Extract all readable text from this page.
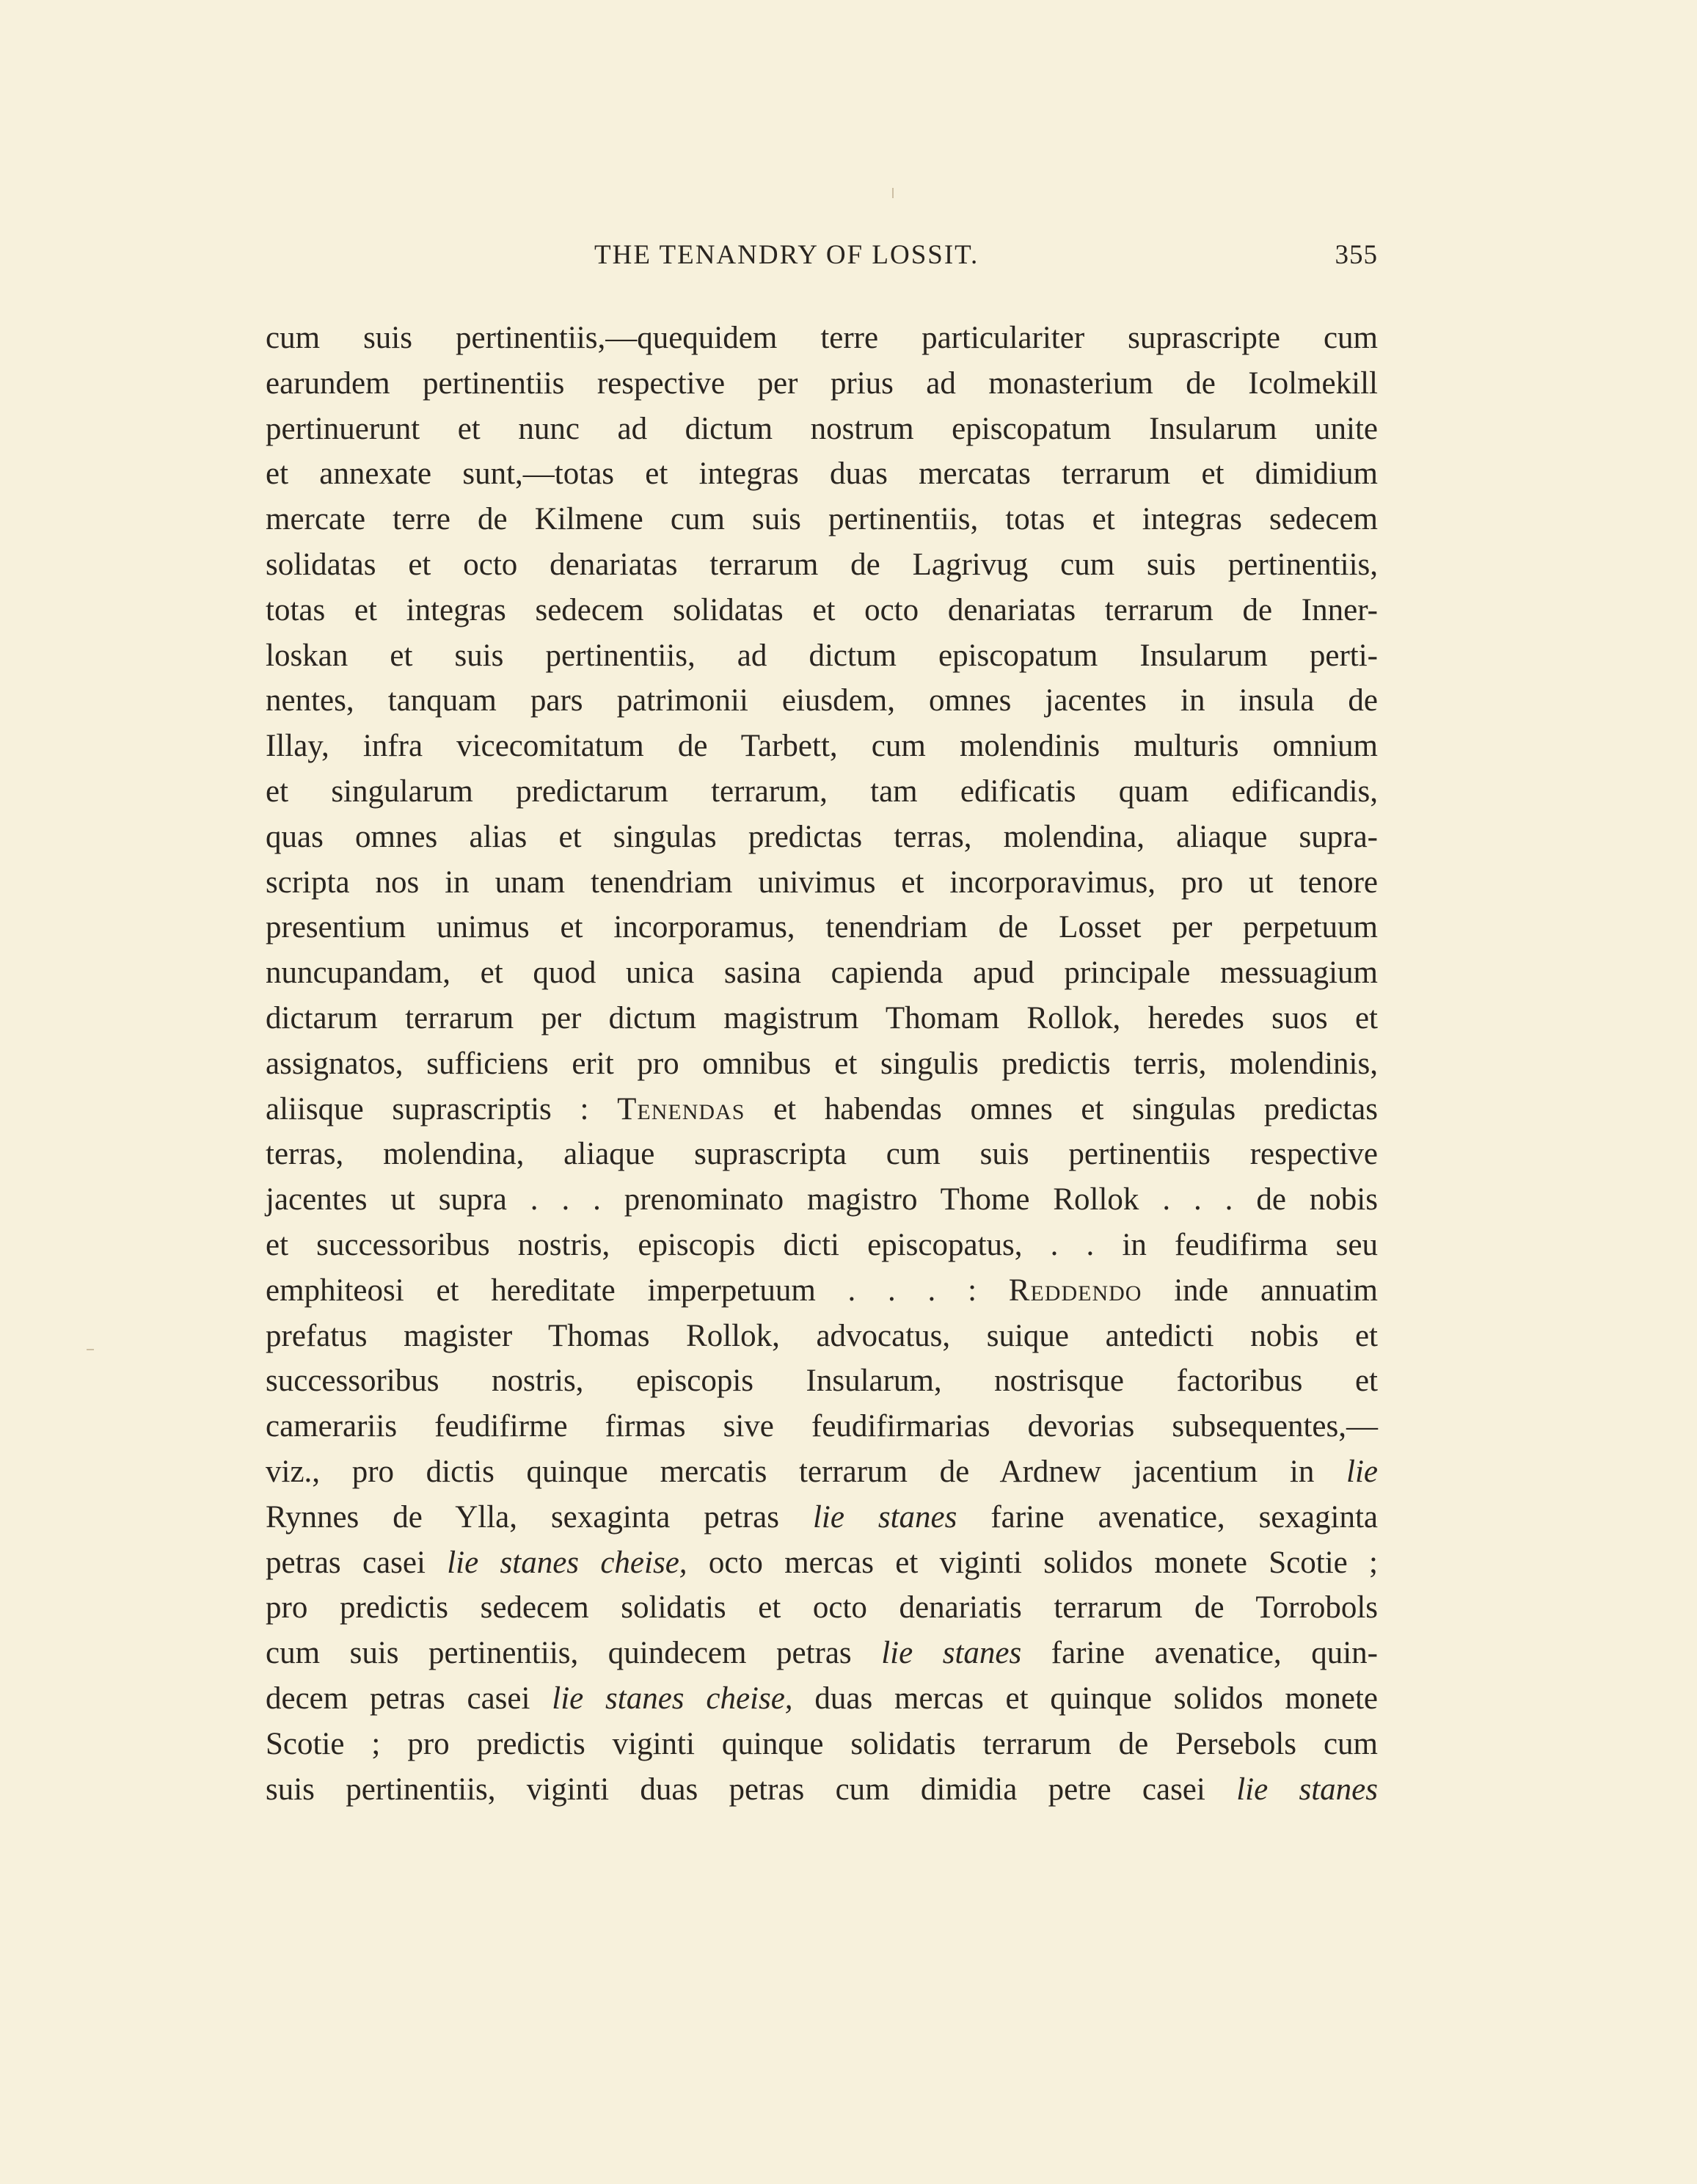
THE TENANDRY OF LOSSIT.	355
cum suis pertinentiis,—quequidem terre particulariter suprascripte cum
earundem pertinentiis respective per prius ad monasterium de Icolmekill
pertinuerunt et nunc ad dictum nostrum episcopatum Insularum unite
et annexate sunt,—totas et integras duas mercatas terrarum et dimidium
mercate terre de Kilmene cum suis pertinentiis, totas et integras sedecem
solidatas et octo denariatas terrarum de Lagrivug cum suis pertinentiis,
totas et integras sedecem solidatas et octo denariatas terrarum de Inner-
loskan et suis pertinentiis, ad dictum episcopatum Insularum perti-
nentes, tanquam pars patrimonii eiusdem, omnes jacentes in insula de
Illay, infra vicecomitatum de Tarbett, cum molendinis multuris omnium
et singularum predictarum terrarum, tam edificatis quam edificandis,
quas omnes alias et singulas predictas terras, molendina, aliaque supra-
scripta nos in unam tenendriam univimus et incorporavimus, pro ut tenore
presentium unimus et incorporamus, tenendriam de Losset per perpetuum
nuncupandam, et quod unica sasina capienda apud principale messuagium
dictarum terrarum per dictum magistrum Thomam Rollok, heredes suos et
assignatos, sufficiens erit pro omnibus et singulis predictis terris, molendinis,
aliisque suprascriptis : Tenendas et habendas omnes et singulas predictas
terras, molendina, aliaque suprascripta cum suis pertinentiis respective
jacentes ut supra . . . prenominato magistro Thome Rollok . . . de nobis
et successoribus nostris, episcopis dicti episcopatus, . . in feudifirma seu
emphiteosi et hereditate imperpetuum . . . : Reddendo inde annuatim
prefatus magister Thomas Rollok, advocatus, suique antedicti nobis et
successoribus nostris, episcopis Insularum, nostrisque factoribus et
camerariis feudifirme firmas sive feudifirmarias devorias subsequentes,—
viz., pro dictis quinque mercatis terrarum de Ardnew jacentium in lie
Rynnes de Ylla, sexaginta petras lie stanes farine avenatice, sexaginta
petras casei lie stanes cheise, octo mercas et viginti solidos monete Scotie ;
pro predictis sedecem solidatis et octo denariatis terrarum de Torrobols
cum suis pertinentiis, quindecem petras lie stanes farine avenatice, quin-
decem petras casei lie stanes cheise, duas mercas et quinque solidos monete
Scotie ; pro predictis viginti quinque solidatis terrarum de Persebols cum
suis pertinentiis, viginti duas petras cum dimidia petre casei lie stanes
